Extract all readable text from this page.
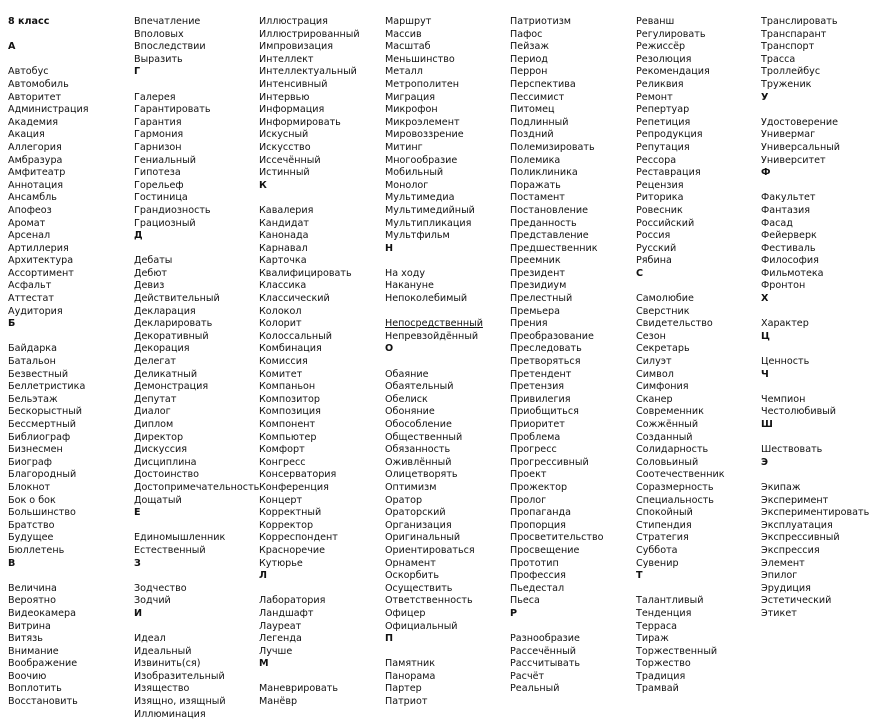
8 класс
А
Автобус
Автомобиль
Авторитет
Администрация
Академия
Акация
Аллегория
Амбразура
Амфитеатр
Аннотация
Ансамбль
Апофеоз
Аромат
Арсенал
Артиллерия
Архитектура
Ассортимент
Асфальт
Аттестат
Аудитория
Б
Байдарка
Батальон
Безвестный
Беллетристика
Бельэтаж
Бескорыстный
Бессмертный
Библиограф
Бизнесмен
Биограф
Благородный
Блокнот
Бок о бок
Большинство
Братство
Будущее
Бюллетень
В
Величина
Вероятно
Видеокамера
Витрина
Витязь
Внимание
Воображение
Воочию
Воплотить
Восстановить
Впечатление
Вполовых
Впоследствии
Выразить
Г
Галерея
Гарантировать
Гарантия
Гармония
Гарнизон
Гениальный
Гипотеза
Горельеф
Гостиница
Грандиозность
Грациозный
Д
Дебаты
Дебют
Девиз
Действительный
Декларация
Декларировать
Декоративный
Декорация
Делегат
Деликатный
Демонстрация
Депутат
Диалог
Диплом
Директор
Дискуссия
Дисциплина
Достоинство
Достопримечательность
Дощатый
Е
Единомышленник
Естественный
З
Зодчество
Зодчий
И
Идеал
Идеальный
Извинить(ся)
Изобразительный
Изящество
Изящно, изящный
Иллюминация
Иллюстрация
Иллюстрированный
Импровизация
Интеллект
Интеллектуальный
Интенсивный
Интервью
Информация
Информировать
Искусный
Искусство
Иссечённый
Истинный
К
Кавалерия
Кандидат
Канонада
Карнавал
Карточка
Квалифицировать
Классика
Классический
Колокол
Колорит
Колоссальный
Комбинация
Комиссия
Комитет
Компаньон
Композитор
Композиция
Компонент
Компьютер
Комфорт
Конгресс
Консерватория
Конференция
Концерт
Корректный
Корректор
Корреспондент
Красноречие
Кутюрье
Л
Лаборатория
Ландшафт
Лауреат
Легенда
Лучше
М
Маневрировать
Манёвр
Маршрут
Массив
Масштаб
Меньшинство
Металл
Метрополитен
Миграция
Микрофон
Микроэлемент
Мировоззрение
Митинг
Многообразие
Мобильный
Монолог
Мультимедиа
Мультимедийный
Мультипликация
Мультфильм
Н
На ходу
Накануне
Непоколебимый
Непосредственный
Непревзойдённый
О
Обаяние
Обаятельный
Обелиск
Обоняние
Обособление
Общественный
Обязанность
Оживлённый
Олицетворять
Оптимизм
Оратор
Ораторский
Организация
Оригинальный
Ориентироваться
Орнамент
Оскорбить
Осуществить
Ответственность
Офицер
Официальный
П
Памятник
Панорама
Партер
Патриот
Патриотизм
Пафос
Пейзаж
Период
Перрон
Перспектива
Пессимист
Питомец
Подлинный
Поздний
Полемизировать
Полемика
Поликлиника
Поражать
Постамент
Постановление
Преданность
Представление
Предшественник
Преемник
Президент
Президиум
Прелестный
Премьера
Прения
Преобразование
Преследовать
Претворяться
Претендент
Претензия
Привилегия
Приобщиться
Приоритет
Проблема
Прогресс
Прогрессивный
Проект
Прожектор
Пролог
Пропаганда
Пропорция
Просветительство
Просвещение
Прототип
Профессия
Пьедестал
Пьеса
Р
Разнообразие
Рассечённый
Рассчитывать
Расчёт
Реальный
Реванш
Регулировать
Режиссёр
Резолюция
Рекомендация
Реликвия
Ремонт
Репертуар
Репетиция
Репродукция
Репутация
Рессора
Реставрация
Рецензия
Риторика
Ровесник
Российский
Россия
Русский
Рябина
С
Самолюбие
Сверстник
Свидетельство
Сезон
Секретарь
Силуэт
Символ
Симфония
Сканер
Современник
Сожжённый
Созданный
Солидарность
Соловьиный
Соотечественник
Соразмерность
Специальность
Спокойный
Стипендия
Стратегия
Суббота
Сувенир
Т
Талантливый
Тенденция
Терраса
Тираж
Торжественный
Торжество
Традиция
Трамвай
Транслировать
Транспарант
Транспорт
Трасса
Троллейбус
Труженик
У
Удостоверение
Универмаг
Универсальный
Университет
Ф
Факультет
Фантазия
Фасад
Фейерверк
Фестиваль
Философия
Фильмотека
Фронтон
Х
Характер
Ц
Ценность
Ч
Чемпион
Честолюбивый
Ш
Шествовать
Э
Экипаж
Эксперимент
Экспериментировать
Эксплуатация
Экспрессивный
Экспрессия
Элемент
Эпилог
Эрудиция
Эстетический
Этикет
